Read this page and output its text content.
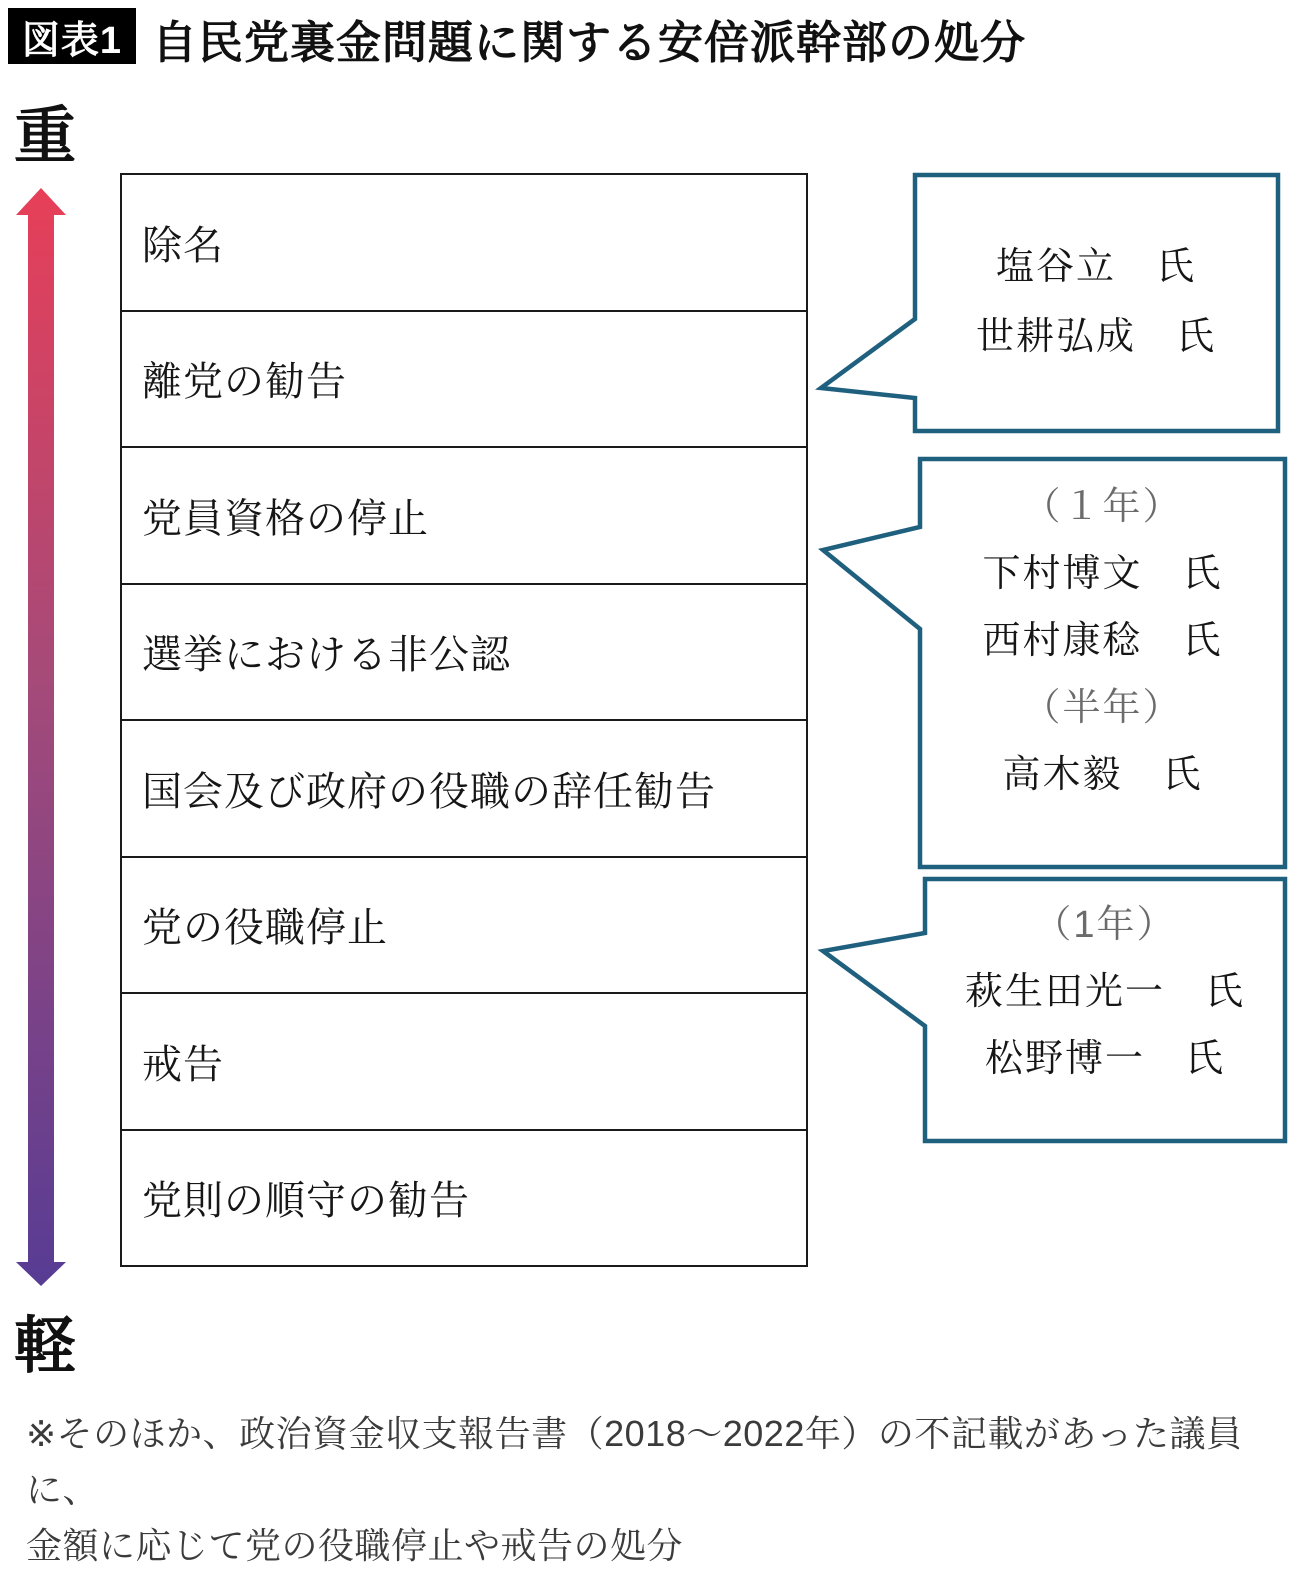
図表1 自民党裏金問題に関する安倍派幹部の処分
重
軽
除名
離党の勧告
党員資格の停止
選挙における非公認
国会及び政府の役職の辞任勧告
党の役職停止
戒告
党則の順守の勧告
塩谷立　氏
世耕弘成　氏
（１年）
下村博文　氏
西村康稔　氏
（半年）
高木毅　氏
（1年）
萩生田光一　氏
松野博一　氏
※そのほか、政治資金収支報告書（2018〜2022年）の不記載があった議員に、
金額に応じて党の役職停止や戒告の処分
